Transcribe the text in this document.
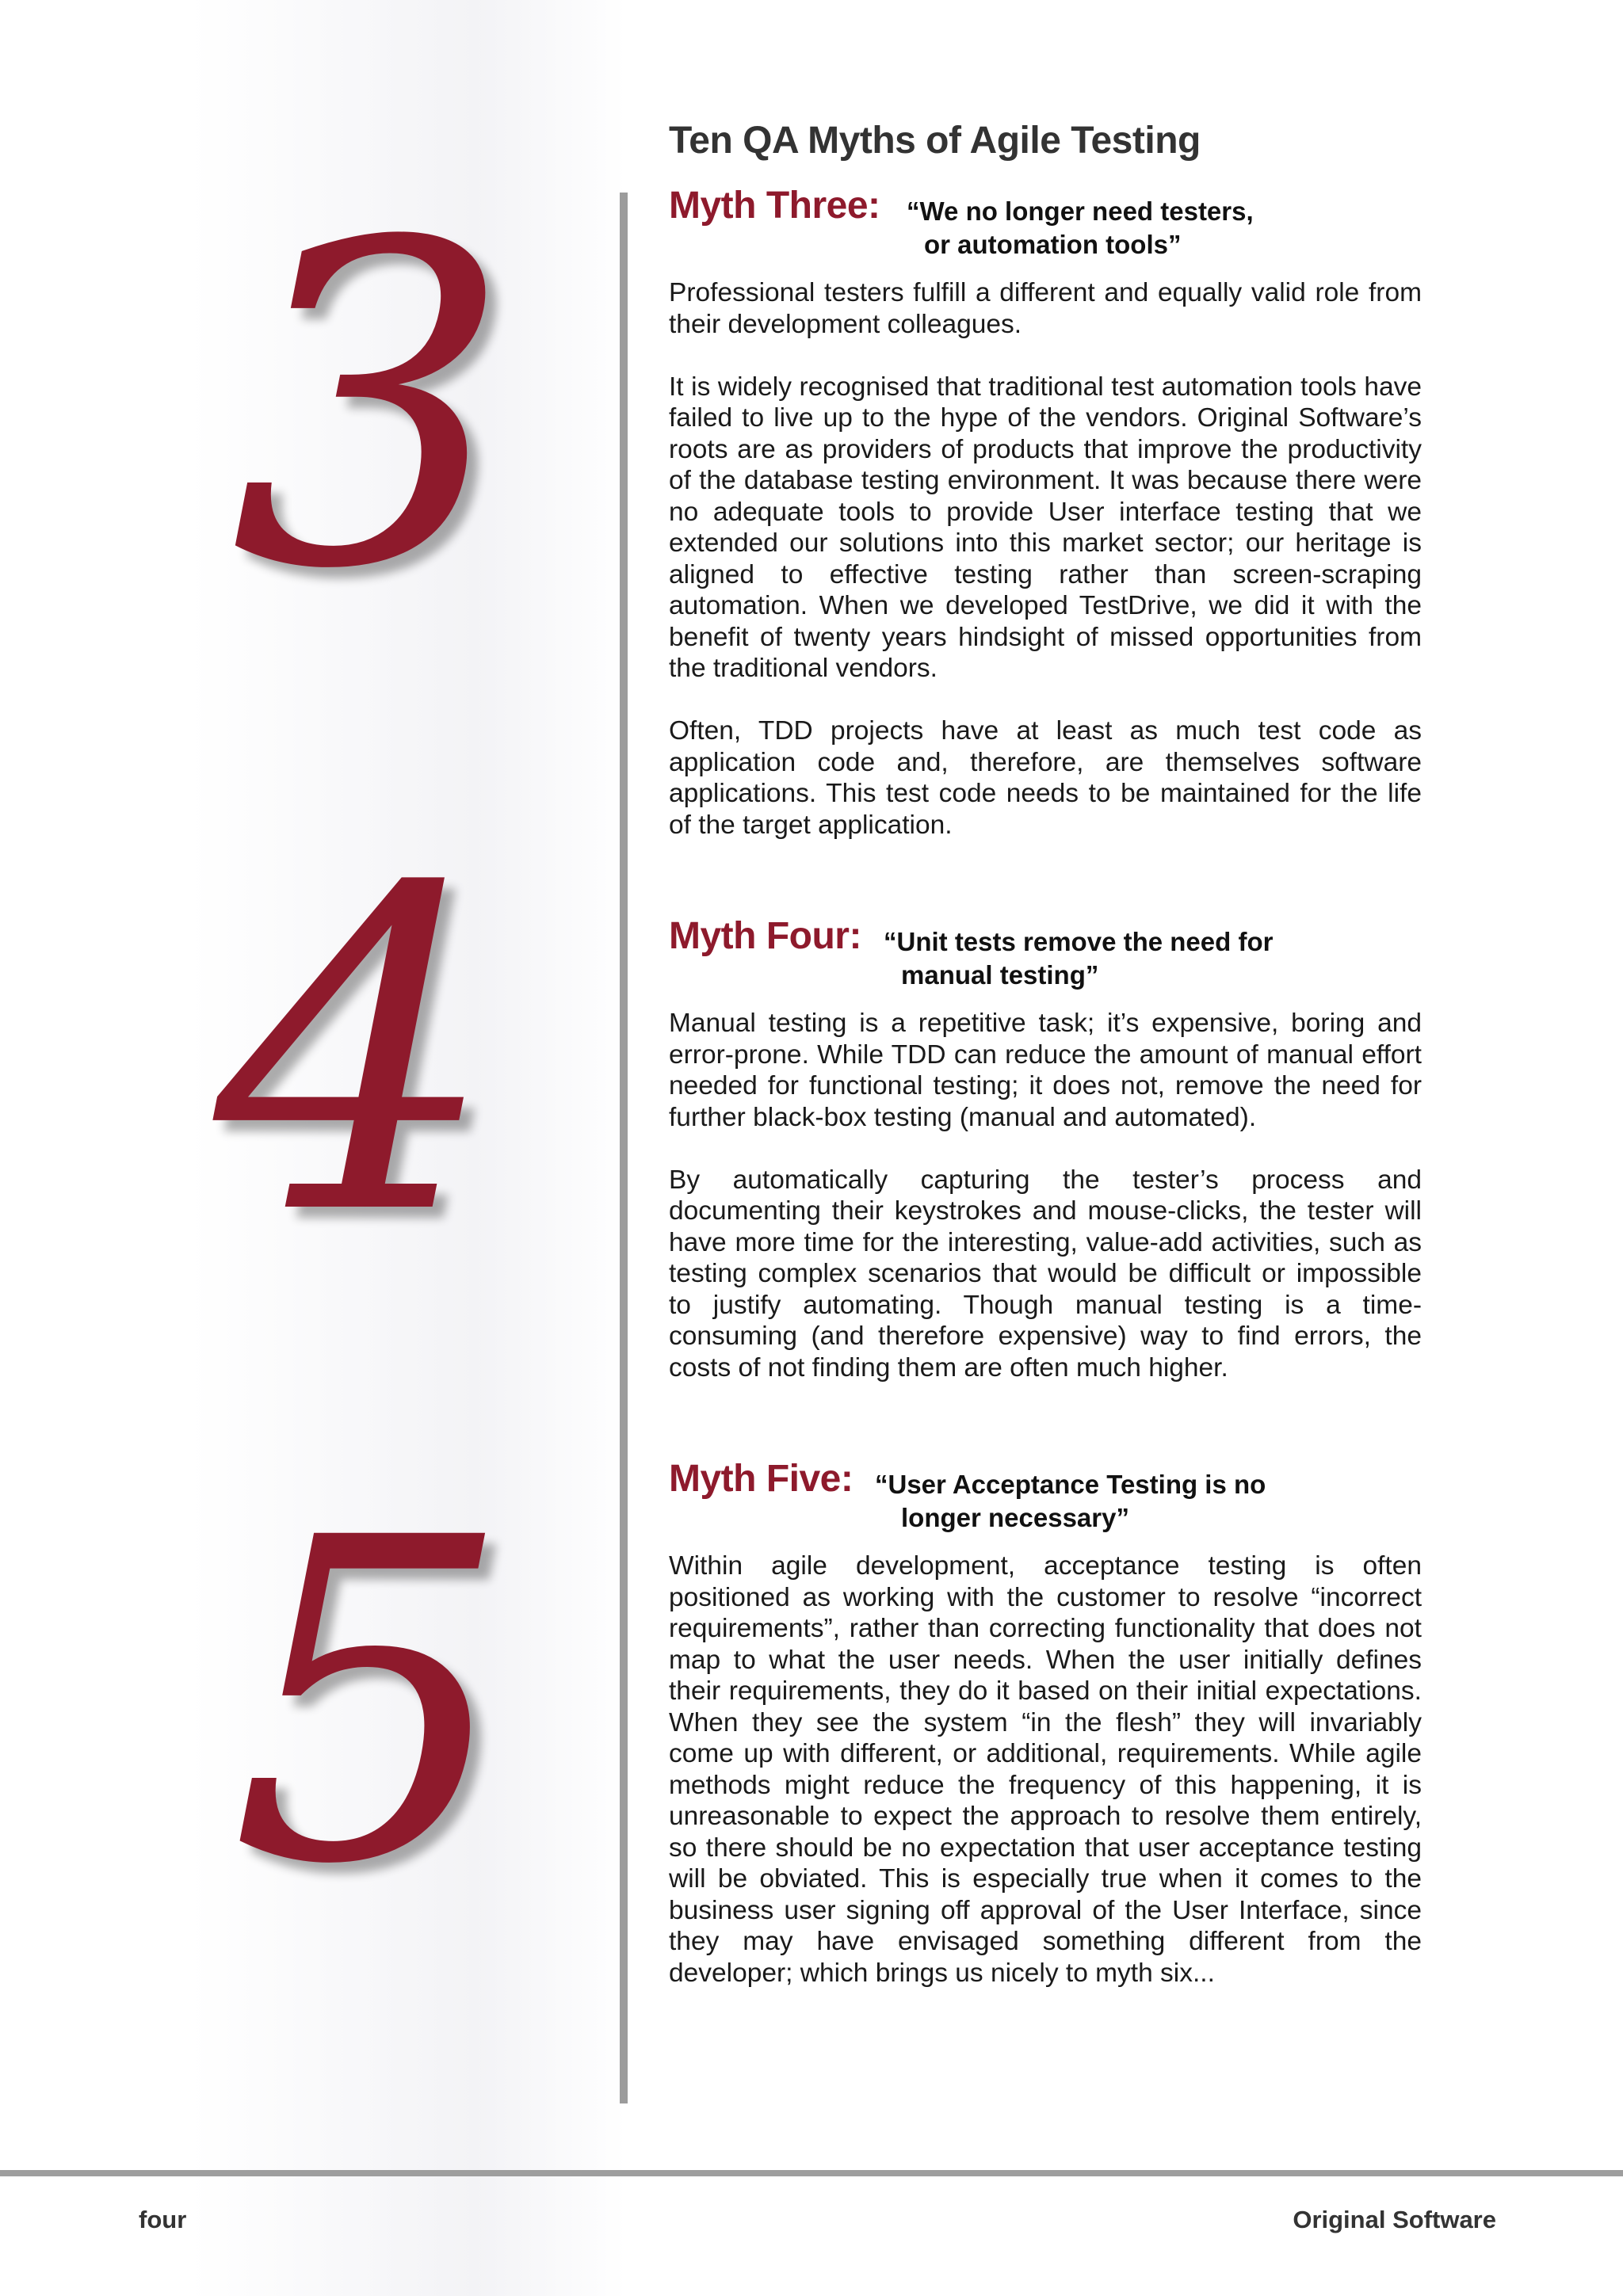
3
4
5
Ten QA Myths of Agile Testing
Myth Three: “We no longer need testers,
or automation tools”

Professional testers fulfill a different and equally valid role from their development colleagues.

It is widely recognised that traditional test automation tools have failed to live up to the hype of the vendors. Original Software’s roots are as providers of products that improve the productivity of the database testing environment. It was because there were no adequate tools to provide User interface testing that we extended our solutions into this market sector; our heritage is aligned to effective testing rather than screen-scraping automation. When we developed TestDrive, we did it with the benefit of twenty years hindsight of missed opportunities from the traditional vendors.

Often, TDD projects have at least as much test code as application code and, therefore, are themselves software applications. This test code needs to be maintained for the life of the target application.

Myth Four: “Unit tests remove the need for
manual testing”

Manual testing is a repetitive task; it’s expensive, boring and error-prone. While TDD can reduce the amount of manual effort needed for functional testing; it does not, remove the need for further black-box testing (manual and automated).

By automatically capturing the tester’s process and documenting their keystrokes and mouse-clicks, the tester will have more time for the interesting, value-add activities, such as testing complex scenarios that would be difficult or impossible to justify automating. Though manual testing is a time-consuming (and therefore expensive) way to find errors, the costs of not finding them are often much higher.

Myth Five: “User Acceptance Testing is no
longer necessary”

Within agile development, acceptance testing is often positioned as working with the customer to resolve “incorrect requirements”, rather than correcting functionality that does not map to what the user needs. When the user initially defines their requirements, they do it based on their initial expectations. When they see the system “in the flesh” they will invariably come up with different, or additional, requirements. While agile methods might reduce the frequency of this happening, it is unreasonable to expect the approach to resolve them entirely, so there should be no expectation that user acceptance testing will be obviated. This is especially true when it comes to the business user signing off approval of the User Interface, since they may have envisaged something different from the developer; which brings us nicely to myth six...

four	Original Software
